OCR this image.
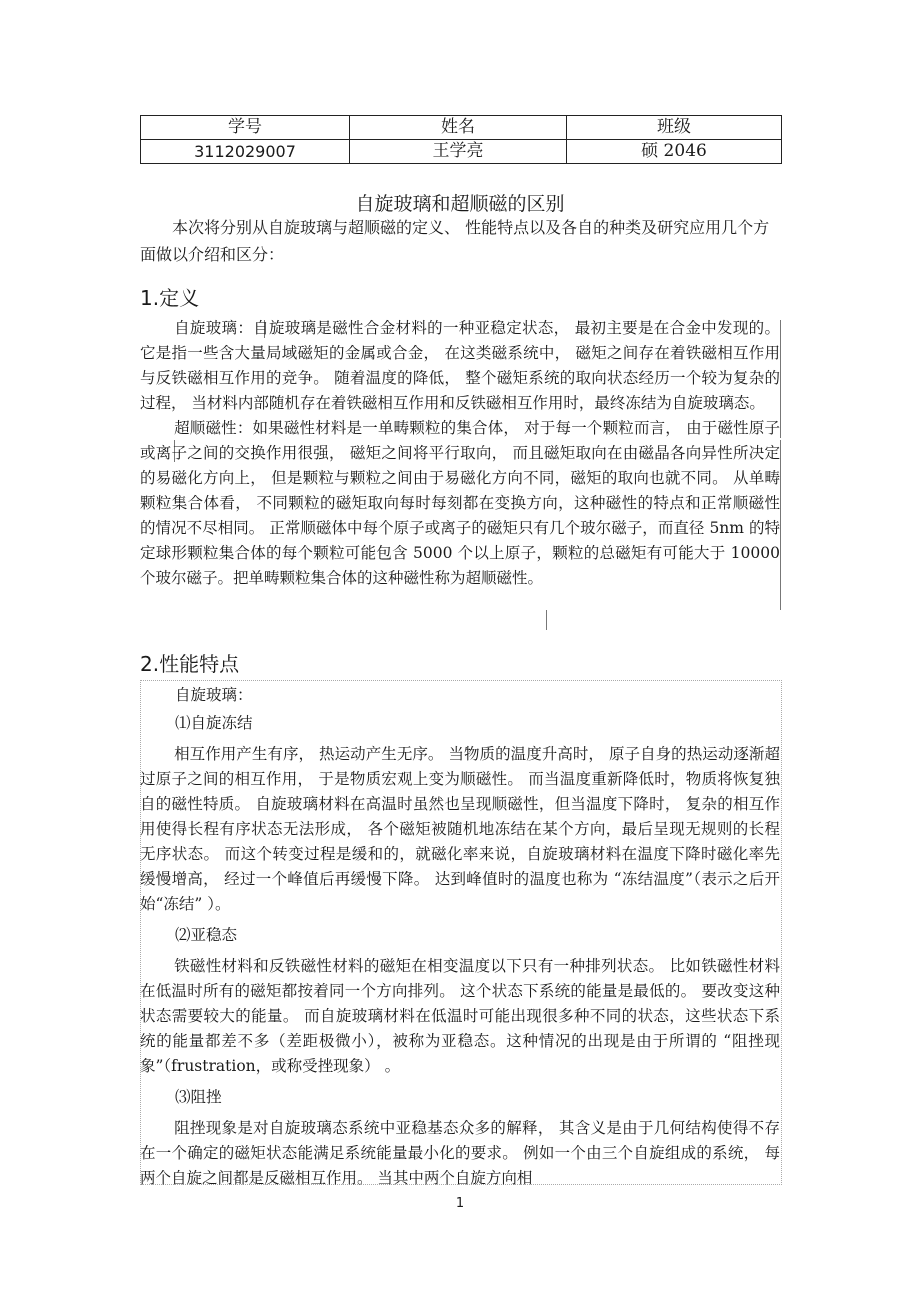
学号	姓名	班级
3112029007	王学亮	硕 2046
自旋玻璃和超顺磁的区别

本次将分别从自旋玻璃与超顺磁的定义、 性能特点以及各自的种类及研究应用几个方面做以介绍和区分：

1.定义

自旋玻璃：自旋玻璃是磁性合金材料的一种亚稳定状态， 最初主要是在合金中发现的。它是指一些含大量局域磁矩的金属或合金， 在这类磁系统中， 磁矩之间存在着铁磁相互作用与反铁磁相互作用的竞争。 随着温度的降低， 整个磁矩系统的取向状态经历一个较为复杂的过程， 当材料内部随机存在着铁磁相互作用和反铁磁相互作用时，最终冻结为自旋玻璃态。

超顺磁性：如果磁性材料是一单畴颗粒的集合体， 对于每一个颗粒而言， 由于磁性原子或离子之间的交换作用很强， 磁矩之间将平行取向， 而且磁矩取向在由磁晶各向异性所决定的易磁化方向上， 但是颗粒与颗粒之间由于易磁化方向不同，磁矩的取向也就不同。 从单畴颗粒集合体看， 不同颗粒的磁矩取向每时每刻都在变换方向，这种磁性的特点和正常顺磁性的情况不尽相同。 正常顺磁体中每个原子或离子的磁矩只有几个玻尔磁子，而直径 5nm 的特定球形颗粒集合体的每个颗粒可能包含 5000 个以上原子，颗粒的总磁矩有可能大于 10000 个玻尔磁子。把单畴颗粒集合体的这种磁性称为超顺磁性。

2.性能特点
自旋玻璃：
⑴自旋冻结

相互作用产生有序， 热运动产生无序。 当物质的温度升高时， 原子自身的热运动逐渐超过原子之间的相互作用， 于是物质宏观上变为顺磁性。 而当温度重新降低时，物质将恢复独自的磁性特质。 自旋玻璃材料在高温时虽然也呈现顺磁性，但当温度下降时， 复杂的相互作用使得长程有序状态无法形成， 各个磁矩被随机地冻结在某个方向，最后呈现无规则的长程无序状态。 而这个转变过程是缓和的，就磁化率来说，自旋玻璃材料在温度下降时磁化率先缓慢增高， 经过一个峰值后再缓慢下降。 达到峰值时的温度也称为 “冻结温度”（表示之后开始“冻结” ）。

⑵亚稳态

铁磁性材料和反铁磁性材料的磁矩在相变温度以下只有一种排列状态。 比如铁磁性材料在低温时所有的磁矩都按着同一个方向排列。 这个状态下系统的能量是最低的。 要改变这种状态需要较大的能量。 而自旋玻璃材料在低温时可能出现很多种不同的状态，这些状态下系统的能量都差不多（差距极微小），被称为亚稳态。这种情况的出现是由于所谓的 “阻挫现象”（frustration，或称受挫现象） 。

⑶阻挫

阻挫现象是对自旋玻璃态系统中亚稳基态众多的解释， 其含义是由于几何结构使得不存在一个确定的磁矩状态能满足系统能量最小化的要求。 例如一个由三个自旋组成的系统， 每两个自旋之间都是反磁相互作用。 当其中两个自旋方向相

1
